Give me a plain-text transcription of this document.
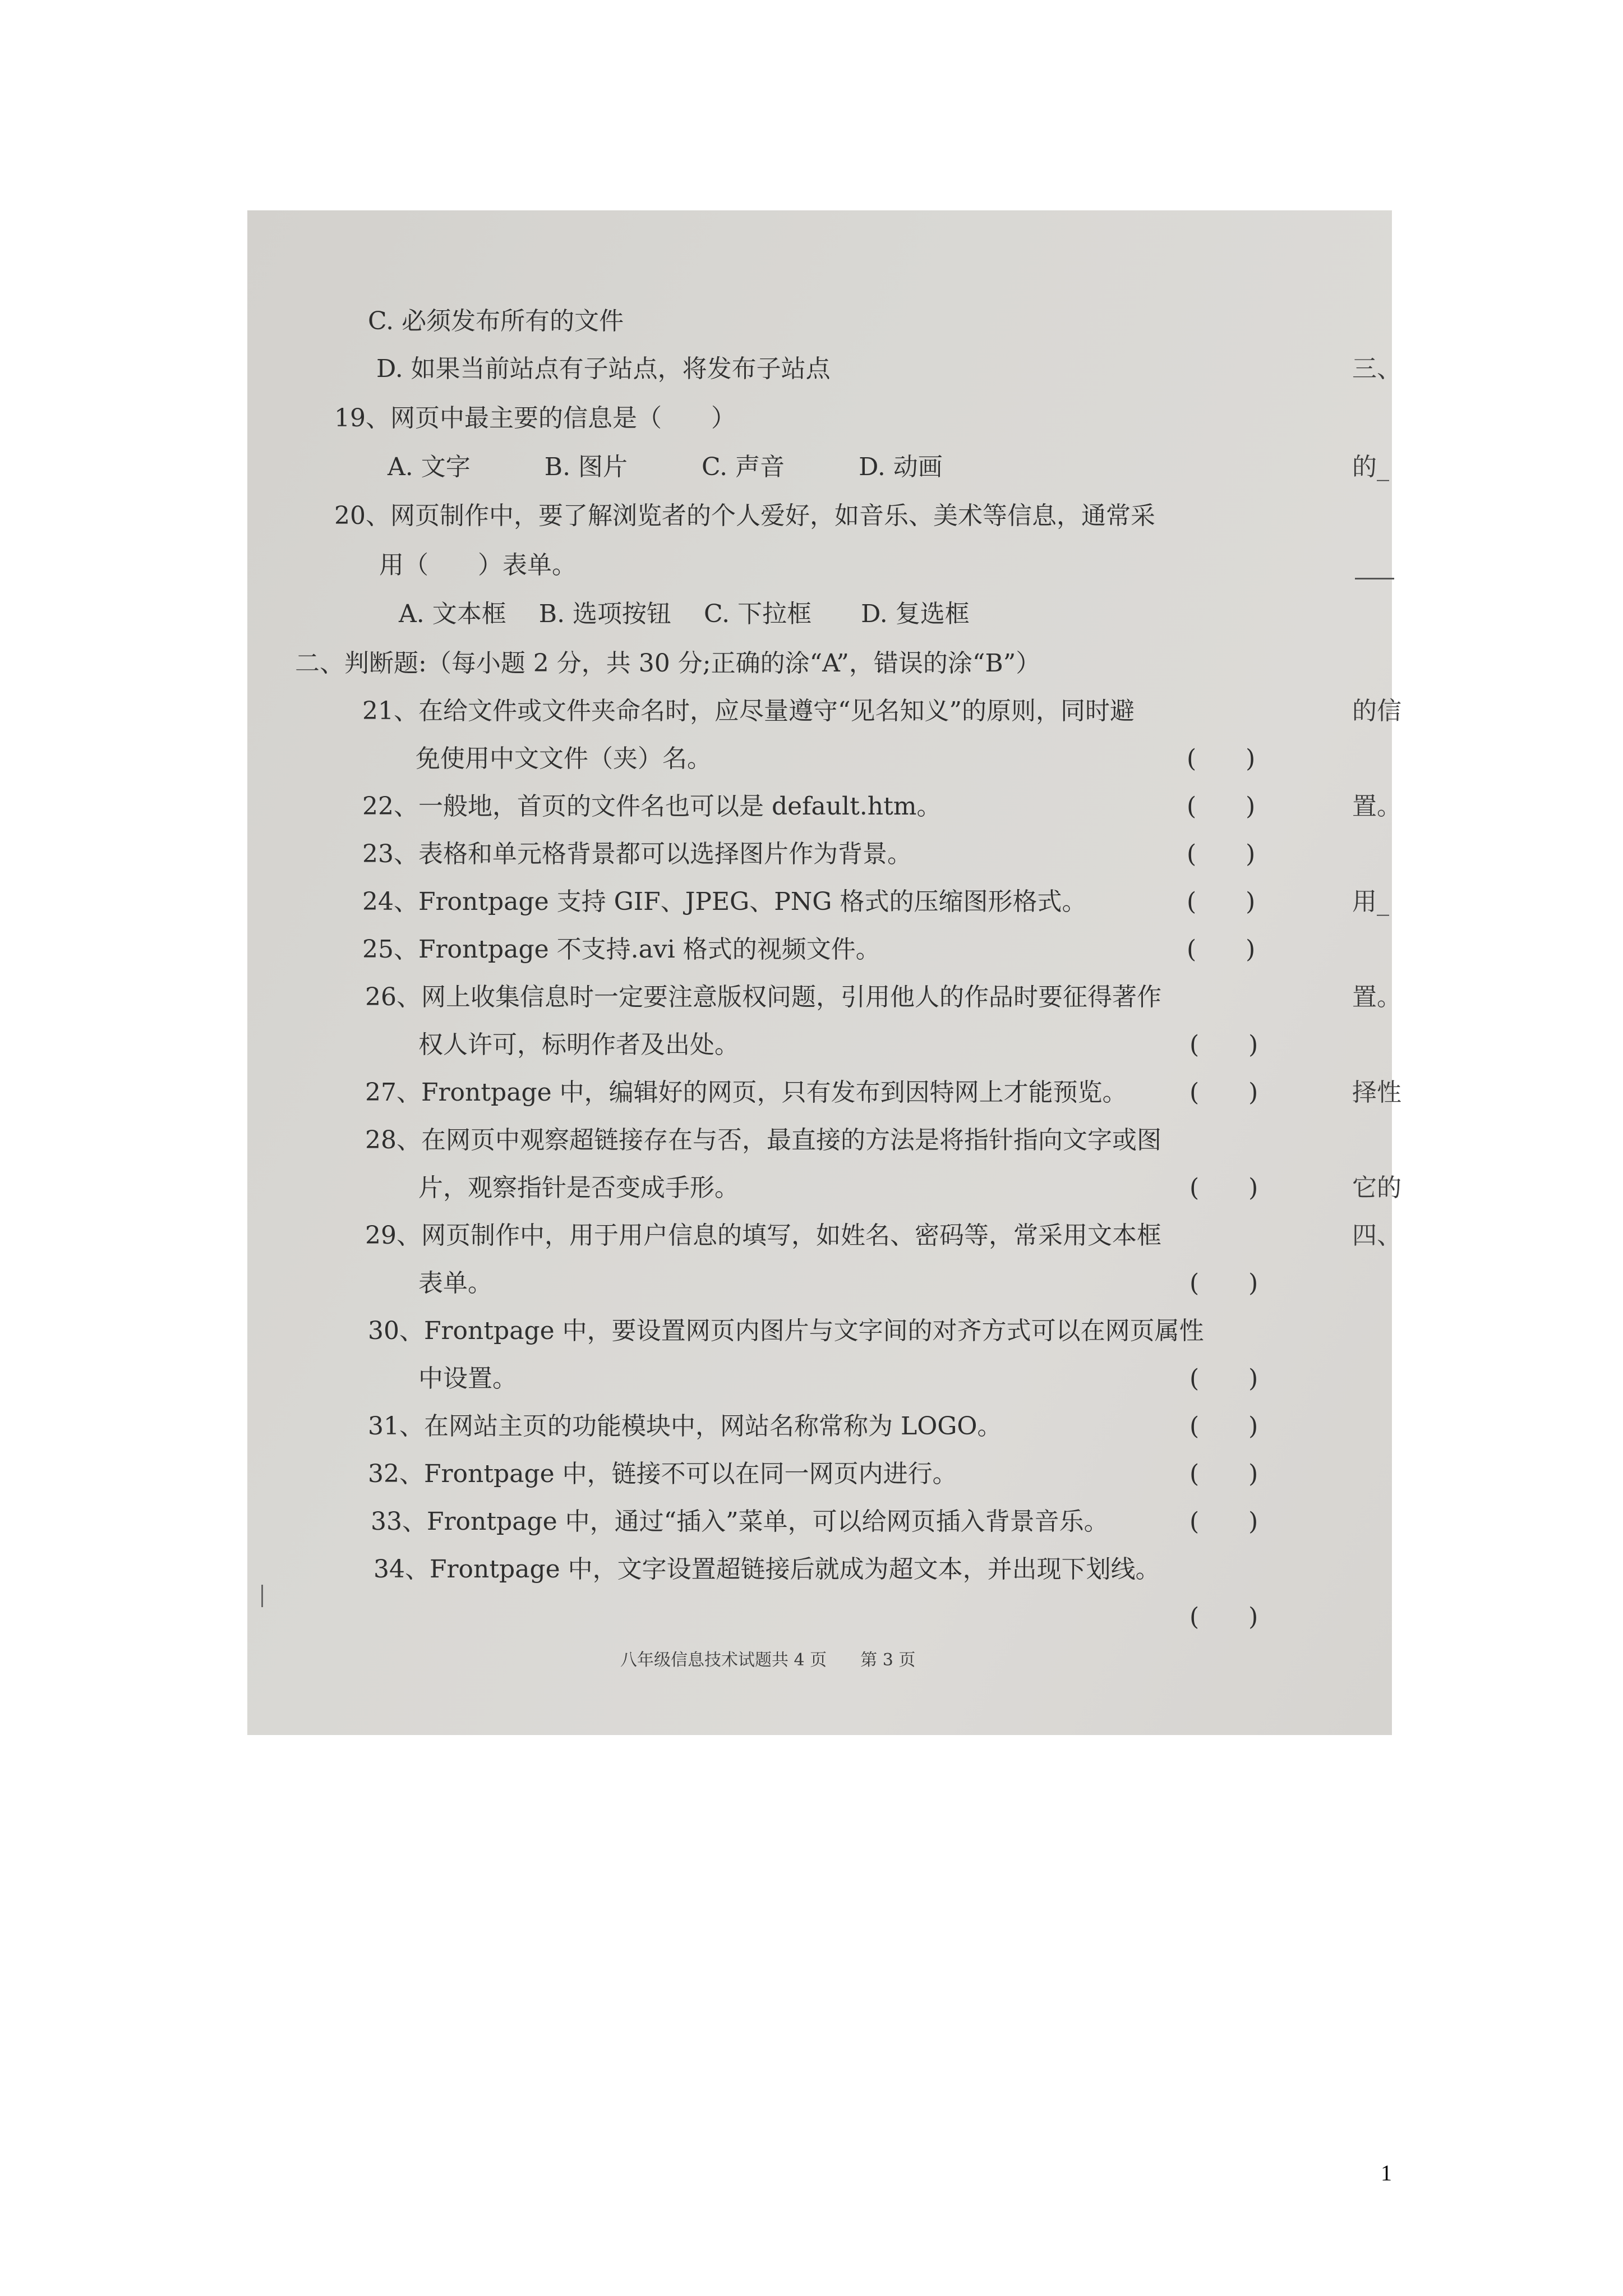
C. 必须发布所有的文件
D. 如果当前站点有子站点，将发布子站点
19、网页中最主要的信息是（　　）
A. 文字　　　B. 图片　　　C. 声音　　　D. 动画
20、网页制作中，要了解浏览者的个人爱好，如音乐、美术等信息，通常采
用（　　）表单。
A. 文本框　 B. 选项按钮　 C. 下拉框　　D. 复选框
二、判断题:（每小题 2 分，共 30 分;正确的涂“A”，错误的涂“B”）
21、在给文件或文件夹命名时，应尽量遵守“见名知义”的原则，同时避
免使用中文文件（夹）名。	(　　)
22、一般地，首页的文件名也可以是 default.htm。	(　　)
23、表格和单元格背景都可以选择图片作为背景。	(　　)
24、Frontpage 支持 GIF、JPEG、PNG 格式的压缩图形格式。	(　　)
25、Frontpage 不支持.avi 格式的视频文件。	(　　)
26、网上收集信息时一定要注意版权问题，引用他人的作品时要征得著作
权人许可，标明作者及出处。	(　　)
27、Frontpage 中，编辑好的网页，只有发布到因特网上才能预览。	(　　)
28、在网页中观察超链接存在与否，最直接的方法是将指针指向文字或图
片，观察指针是否变成手形。	(　　)
29、网页制作中，用于用户信息的填写，如姓名、密码等，常采用文本框
表单。	(　　)
30、Frontpage 中，要设置网页内图片与文字间的对齐方式可以在网页属性
中设置。	(　　)
31、在网站主页的功能模块中，网站名称常称为 LOGO。	(　　)
32、Frontpage 中，链接不可以在同一网页内进行。	(　　)
33、Frontpage 中，通过“插入”菜单，可以给网页插入背景音乐。	(　　)
34、Frontpage 中，文字设置超链接后就成为超文本，并出现下划线。
(　　)
八年级信息技术试题共 4 页　　第 3 页
三、
的_
的信
置。
用_
置。
择性
它的
四、
1
